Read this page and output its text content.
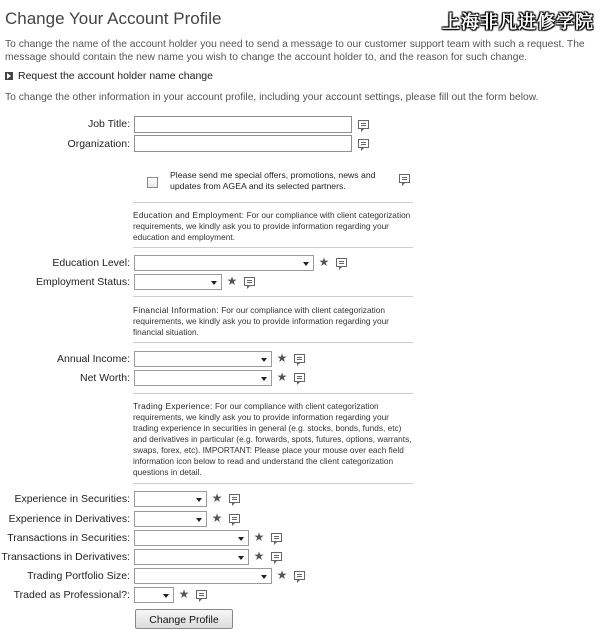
Change Your Account Profile	上海非凡进修学院
To change the name of the account holder you need to send a message to our customer support team with such a request. The message should contain the new name you wish to change the account holder to, and the reason for such change.
Request the account holder name change
To change the other information in your account profile, including your account settings, please fill out the form below.
Job Title:
Organization:
Please send me special offers, promotions, news and updates from AGEA and its selected partners.
Education and Employment: For our compliance with client categorization requirements, we kindly ask you to provide information regarding your education and employment.
Education Level:	★
Employment Status:	★
Financial Information: For our compliance with client categorization requirements, we kindly ask you to provide information regarding your financial situation.
Annual Income:	★
Net Worth:	★
Trading Experience: For our compliance with client categorization requirements, we kindly ask you to provide information regarding your trading experience in securities in general (e.g. stocks, bonds, funds, etc) and derivatives in particular (e.g. forwards, spots, futures, options, warrants, swaps, forex, etc). IMPORTANT: Please place your mouse over each field information icon below to read and understand the client categorization questions in detail.
Experience in Securities:	★
Experience in Derivatives:	★
Transactions in Securities:	★
Transactions in Derivatives:	★
Trading Portfolio Size:	★
Traded as Professional?:	★
Change Profile
